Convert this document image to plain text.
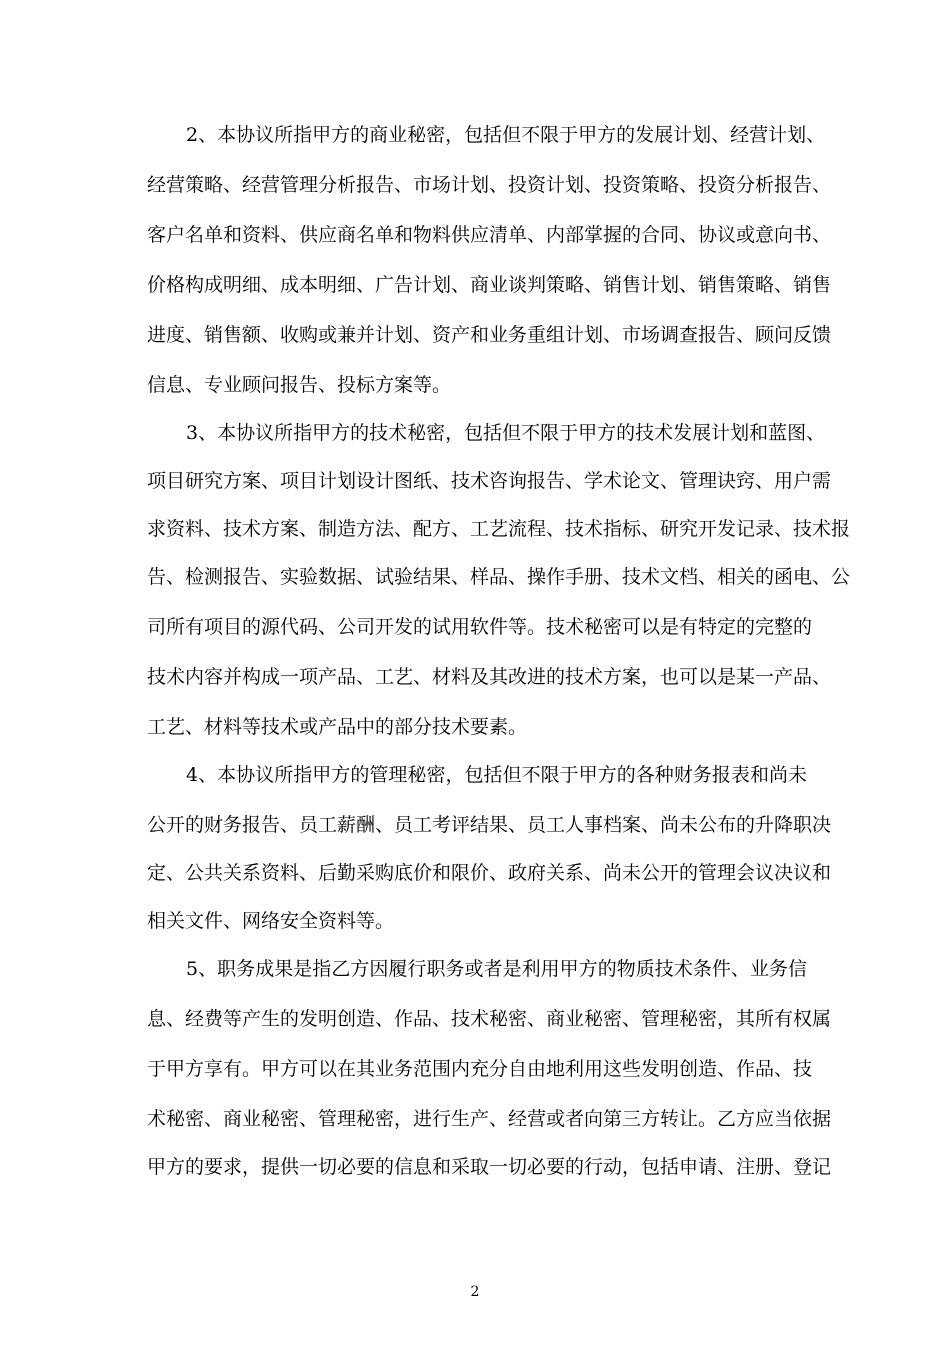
2、本协议所指甲方的商业秘密，包括但不限于甲方的发展计划、经营计划、
经营策略、经营管理分析报告、市场计划、投资计划、投资策略、投资分析报告、
客户名单和资料、供应商名单和物料供应清单、内部掌握的合同、协议或意向书、
价格构成明细、成本明细、广告计划、商业谈判策略、销售计划、销售策略、销售
进度、销售额、收购或兼并计划、资产和业务重组计划、市场调查报告、顾问反馈
信息、专业顾问报告、投标方案等。
3、本协议所指甲方的技术秘密，包括但不限于甲方的技术发展计划和蓝图、
项目研究方案、项目计划设计图纸、技术咨询报告、学术论文、管理诀窍、用户需
求资料、技术方案、制造方法、配方、工艺流程、技术指标、研究开发记录、技术报
告、检测报告、实验数据、试验结果、样品、操作手册、技术文档、相关的函电、公
司所有项目的源代码、公司开发的试用软件等。技术秘密可以是有特定的完整的
技术内容并构成一项产品、工艺、材料及其改进的技术方案，也可以是某一产品、
工艺、材料等技术或产品中的部分技术要素。
4、本协议所指甲方的管理秘密，包括但不限于甲方的各种财务报表和尚未
公开的财务报告、员工薪酬、员工考评结果、员工人事档案、尚未公布的升降职决
定、公共关系资料、后勤采购底价和限价、政府关系、尚未公开的管理会议决议和
相关文件、网络安全资料等。
5、职务成果是指乙方因履行职务或者是利用甲方的物质技术条件、业务信
息、经费等产生的发明创造、作品、技术秘密、商业秘密、管理秘密，其所有权属
于甲方享有。甲方可以在其业务范围内充分自由地利用这些发明创造、作品、技
术秘密、商业秘密、管理秘密，进行生产、经营或者向第三方转让。乙方应当依据
甲方的要求，提供一切必要的信息和采取一切必要的行动，包括申请、注册、登记
2
